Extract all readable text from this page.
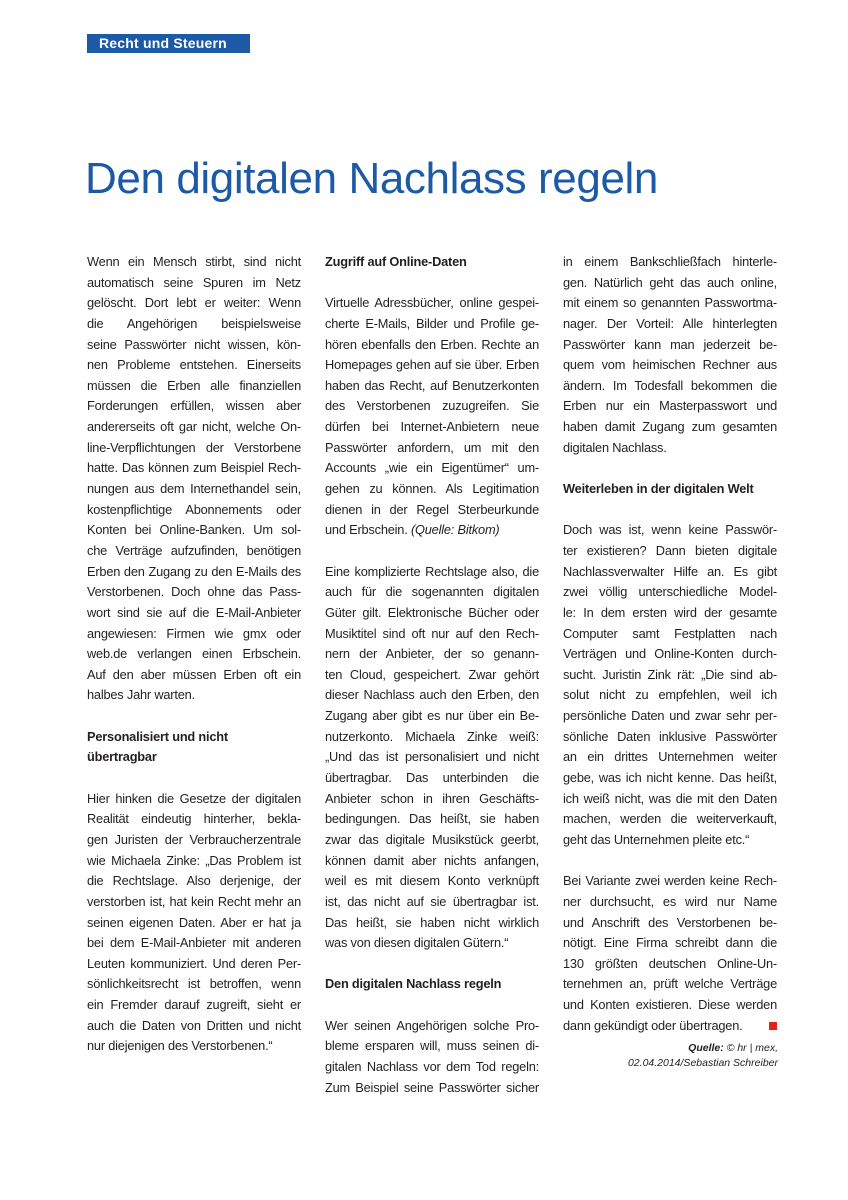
Recht und Steuern
Den digitalen Nachlass regeln
Wenn ein Mensch stirbt, sind nicht
automatisch seine Spuren im Netz
gelöscht. Dort lebt er weiter: Wenn
die Angehörigen beispielsweise
seine Passwörter nicht wissen, kön-
nen Probleme entstehen. Einerseits
müssen die Erben alle finanziellen
Forderungen erfüllen, wissen aber
andererseits oft gar nicht, welche On-
line-Verpflichtungen der Verstorbene
hatte. Das können zum Beispiel Rech-
nungen aus dem Internethandel sein,
kostenpflichtige Abonnements oder
Konten bei Online-Banken. Um sol-
che Verträge aufzufinden, benötigen
Erben den Zugang zu den E-Mails des
Verstorbenen. Doch ohne das Pass-
wort sind sie auf die E-Mail-Anbieter
angewiesen: Firmen wie gmx oder
web.de verlangen einen Erbschein.
Auf den aber müssen Erben oft ein
halbes Jahr warten.
Personalisiert und nicht
übertragbar
Hier hinken die Gesetze der digitalen
Realität eindeutig hinterher, bekla-
gen Juristen der Verbraucherzentrale
wie Michaela Zinke: „Das Problem ist
die Rechtslage. Also derjenige, der
verstorben ist, hat kein Recht mehr an
seinen eigenen Daten. Aber er hat ja
bei dem E-Mail-Anbieter mit anderen
Leuten kommuniziert. Und deren Per-
sönlichkeitsrecht ist betroffen, wenn
ein Fremder darauf zugreift, sieht er
auch die Daten von Dritten und nicht
nur diejenigen des Verstorbenen.“
Zugriff auf Online-Daten
Virtuelle Adressbücher, online gespei-
cherte E-Mails, Bilder und Profile ge-
hören ebenfalls den Erben. Rechte an
Homepages gehen auf sie über. Erben
haben das Recht, auf Benutzerkonten
des Verstorbenen zuzugreifen. Sie
dürfen bei Internet-Anbietern neue
Passwörter anfordern, um mit den
Accounts „wie ein Eigentümer“ um-
gehen zu können. Als Legitimation
dienen in der Regel Sterbeurkunde
und Erbschein. (Quelle: Bitkom)
Eine komplizierte Rechtslage also, die
auch für die sogenannten digitalen
Güter gilt. Elektronische Bücher oder
Musiktitel sind oft nur auf den Rech-
nern der Anbieter, der so genann-
ten Cloud, gespeichert. Zwar gehört
dieser Nachlass auch den Erben, den
Zugang aber gibt es nur über ein Be-
nutzerkonto. Michaela Zinke weiß:
„Und das ist personalisiert und nicht
übertragbar. Das unterbinden die
Anbieter schon in ihren Geschäfts-
bedingungen. Das heißt, sie haben
zwar das digitale Musikstück geerbt,
können damit aber nichts anfangen,
weil es mit diesem Konto verknüpft
ist, das nicht auf sie übertragbar ist.
Das heißt, sie haben nicht wirklich
was von diesen digitalen Gütern.“
Den digitalen Nachlass regeln
Wer seinen Angehörigen solche Pro-
bleme ersparen will, muss seinen di-
gitalen Nachlass vor dem Tod regeln:
Zum Beispiel seine Passwörter sicher
in einem Bankschließfach hinterle-
gen. Natürlich geht das auch online,
mit einem so genannten Passwortma-
nager. Der Vorteil: Alle hinterlegten
Passwörter kann man jederzeit be-
quem vom heimischen Rechner aus
ändern. Im Todesfall bekommen die
Erben nur ein Masterpasswort und
haben damit Zugang zum gesamten
digitalen Nachlass.
Weiterleben in der digitalen Welt
Doch was ist, wenn keine Passwör-
ter existieren? Dann bieten digitale
Nachlassverwalter Hilfe an. Es gibt
zwei völlig unterschiedliche Model-
le: In dem ersten wird der gesamte
Computer samt Festplatten nach
Verträgen und Online-Konten durch-
sucht. Juristin Zink rät: „Die sind ab-
solut nicht zu empfehlen, weil ich
persönliche Daten und zwar sehr per-
sönliche Daten inklusive Passwörter
an ein drittes Unternehmen weiter
gebe, was ich nicht kenne. Das heißt,
ich weiß nicht, was die mit den Daten
machen, werden die weiterverkauft,
geht das Unternehmen pleite etc.“
Bei Variante zwei werden keine Rech-
ner durchsucht, es wird nur Name
und Anschrift des Verstorbenen be-
nötigt. Eine Firma schreibt dann die
130 größten deutschen Online-Un-
ternehmen an, prüft welche Verträge
und Konten existieren. Diese werden
dann gekündigt oder übertragen.
Quelle: © hr | mex,
02.04.2014/Sebastian Schreiber
